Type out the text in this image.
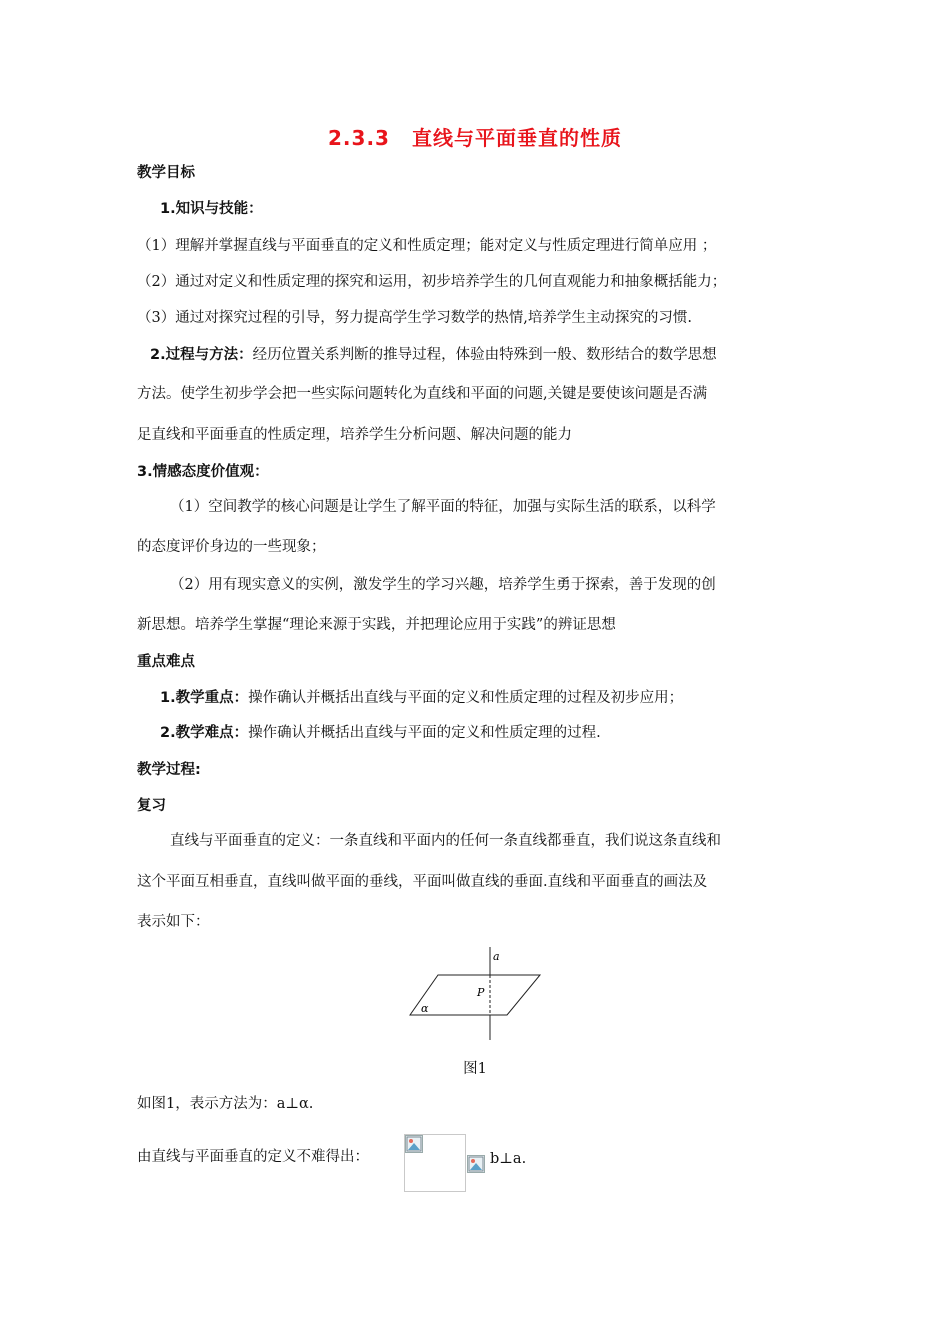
2.3.3 直线与平面垂直的性质
教学目标
1.知识与技能：
（1）理解并掌握直线与平面垂直的定义和性质定理；能对定义与性质定理进行简单应用 ；
（2）通过对定义和性质定理的探究和运用，初步培养学生的几何直观能力和抽象概括能力；
（3）通过对探究过程的引导，努力提高学生学习数学的热情,培养学生主动探究的习惯.
2.过程与方法：经历位置关系判断的推导过程，体验由特殊到一般、数形结合的数学思想
方法。使学生初步学会把一些实际问题转化为直线和平面的问题,关键是要使该问题是否满
足直线和平面垂直的性质定理，培养学生分析问题、解决问题的能力
3.情感态度价值观：
（1）空间教学的核心问题是让学生了解平面的特征，加强与实际生活的联系，以科学
的态度评价身边的一些现象；
（2）用有现实意义的实例，激发学生的学习兴趣，培养学生勇于探索，善于发现的创
新思想。培养学生掌握“理论来源于实践，并把理论应用于实践”的辨证思想
重点难点
1.教学重点：操作确认并概括出直线与平面的定义和性质定理的过程及初步应用；
2.教学难点：操作确认并概括出直线与平面的定义和性质定理的过程.
教学过程:
复习
直线与平面垂直的定义：一条直线和平面内的任何一条直线都垂直，我们说这条直线和
这个平面互相垂直，直线叫做平面的垂线，平面叫做直线的垂面.直线和平面垂直的画法及
表示如下：
a
P
α
图1
如图1，表示方法为：a⊥α.
由直线与平面垂直的定义不难得出：	b⊥a.
